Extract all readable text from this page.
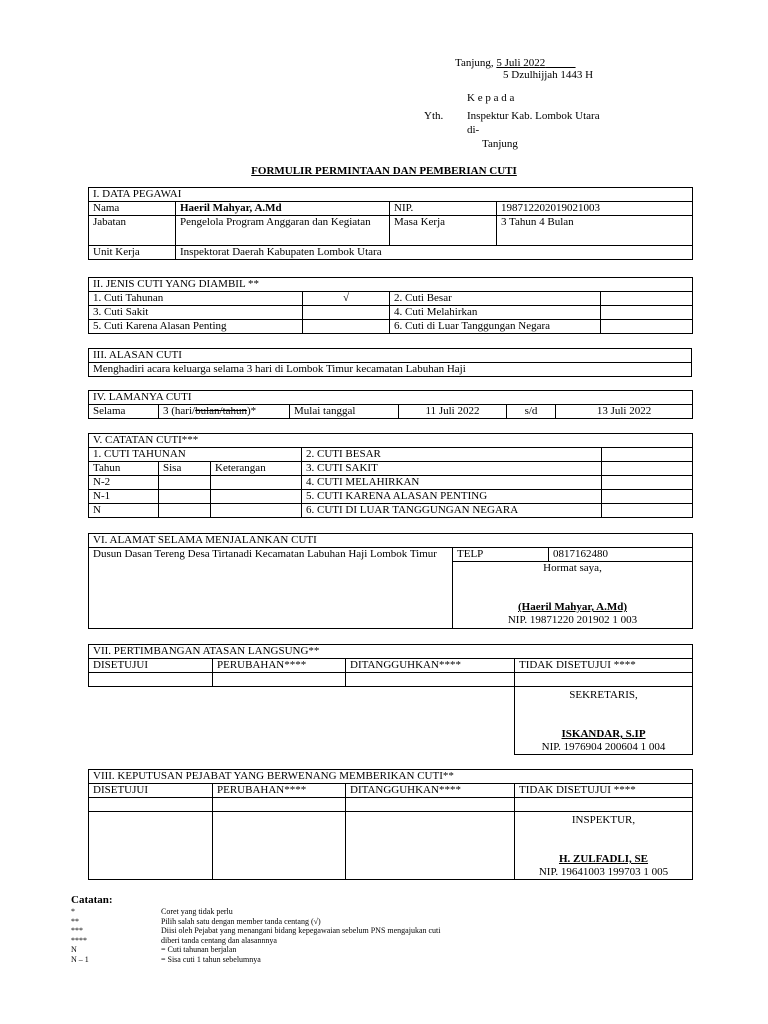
Tanjung, 5 Juli 2022
5 Dzulhijjah 1443 H
K e p a d a
Yth. Inspektur Kab. Lombok Utara
di-
Tanjung
FORMULIR PERMINTAAN DAN PEMBERIAN CUTI
I. DATA PEGAWAI			
Nama	Haeril Mahyar, A.Md	NIP.	198712202019021003
Jabatan	Pengelola Program Anggaran dan Kegiatan	Masa Kerja	3 Tahun 4 Bulan
Unit Kerja	Inspektorat Daerah Kabupaten Lombok Utara		
II. JENIS CUTI YANG DIAMBIL **			
1. Cuti Tahunan	√	2. Cuti Besar	
3. Cuti Sakit		4. Cuti Melahirkan	
5. Cuti Karena Alasan Penting		6. Cuti di Luar Tanggungan Negara	
III. ALASAN CUTI
Menghadiri acara keluarga selama 3 hari di Lombok Timur kecamatan Labuhan Haji
IV. LAMANYA CUTI
Selama	3 (hari/bulan/tahun)*	Mulai tanggal	11 Juli 2022	s/d	13 Juli 2022
V. CATATAN CUTI***				
1. CUTI TAHUNAN			2. CUTI BESAR	
Tahun	Sisa	Keterangan	3. CUTI SAKIT	
N-2			4. CUTI MELAHIRKAN	
N-1			5. CUTI KARENA ALASAN PENTING	
N			6. CUTI DI LUAR TANGGUNGAN NEGARA	
VI. ALAMAT SELAMA MENJALANKAN CUTI
Dusun Dasan Tereng Desa Tirtanadi Kecamatan Labuhan Haji Lombok Timur	TELP	0817162480

Hormat saya,
(Haeril Mahyar, A.Md)
NIP. 19871220 201902 1 003
VII. PERTIMBANGAN ATASAN LANGSUNG**			
DISETUJUI	PERUBAHAN****	DITANGGUHKAN****	TIDAK DISETUJUI ****

			SEKRETARIS,
ISKANDAR, S.IP
NIP. 1976904 200604 1 004
VIII. KEPUTUSAN PEJABAT YANG BERWENANG MEMBERIKAN CUTI**			
DISETUJUI	PERUBAHAN****	DITANGGUHKAN****	TIDAK DISETUJUI ****

			INSPEKTUR,
H. ZULFADLI, SE
NIP. 19641003 199703 1 005
Catatan:
*	Coret yang tidak perlu
**	Pilih salah satu dengan member tanda centang (√)
***	Diisi oleh Pejabat yang menangani bidang kepegawaian sebelum PNS mengajukan cuti
****	diberi tanda centang dan alasannnya
N	= Cuti tahunan berjalan
N – 1	= Sisa cuti 1 tahun sebelumnya
